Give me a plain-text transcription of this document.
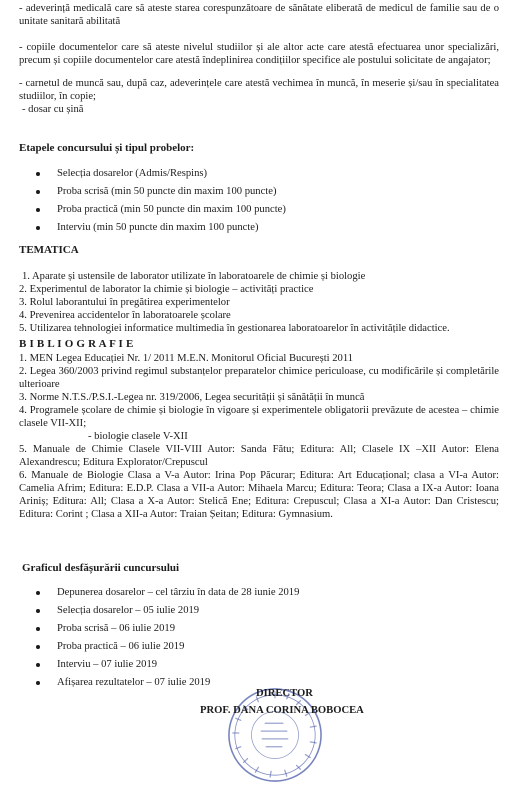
- adeverință medicală care să ateste starea corespunzătoare de sănătate eliberată de medicul de familie sau de o unitate sanitară abilitată
- copiile documentelor care să ateste nivelul studiilor și ale altor acte care atestă efectuarea unor specializări, precum și copiile documentelor care atestă îndeplinirea condițiilor specifice ale postului solicitate de angajator;
- carnetul de muncă sau, după caz, adeverințele care atestă vechimea în muncă, în meserie și/sau în specialitatea studiilor, în copie;
- dosar cu șină
Etapele concursului și tipul probelor:
Selecția dosarelor (Admis/Respins)
Proba scrisă (min 50 puncte din maxim 100 puncte)
Proba practică (min 50 puncte din maxim 100 puncte)
Interviu (min 50 puncte din maxim 100 puncte)
TEMATICA
1. Aparate și ustensile de laborator utilizate în laboratoarele de chimie și biologie
2. Experimentul de laborator la chimie și biologie – activități practice
3. Rolul laborantului în pregătirea experimentelor
4. Prevenirea accidentelor în laboratoarele școlare
5. Utilizarea tehnologiei informatice multimedia în gestionarea laboratoarelor în activitățile didactice.
B I B L I O G R A F I E
1. MEN Legea Educației Nr. 1/ 2011 M.E.N. Monitorul Oficial București 2011
2. Legea 360/2003 privind regimul substanțelor preparatelor chimice periculoase, cu modificările și completările ulterioare
3. Norme N.T.S./P.S.I.-Legea nr. 319/2006, Legea securității și sănătății în muncă
4. Programele școlare de chimie și biologie în vigoare și experimentele obligatorii prevăzute de acestea – chimie clasele VII-XII;
- biologie clasele V-XII
5. Manuale de Chimie Clasele VII-VIII Autor: Sanda Fătu; Editura: All; Clasele IX –XII Autor: Elena Alexandrescu; Editura Explorator/Crepuscul
6. Manuale de Biologie Clasa a V-a Autor: Irina Pop Păcurar; Editura: Art Educațional; clasa a VI-a Autor: Camelia Afrim; Editura: E.D.P. Clasa a VII-a Autor: Mihaela Marcu; Editura: Teora; Clasa a IX-a Autor: Ioana Ariniș; Editura: All; Clasa a X-a Autor: Stelică Ene; Editura: Crepuscul; Clasa a XI-a Autor: Dan Cristescu; Editura: Corint ; Clasa a XII-a Autor: Traian Șeitan; Editura: Gymnasium.
Graficul desfășurării cuncursului
Depunerea dosarelor – cel târziu în data de 28 iunie 2019
Selecția dosarelor – 05 iulie 2019
Proba scrisă – 06 iulie 2019
Proba practică – 06 iulie 2019
Interviu – 07 iulie 2019
Afișarea rezultatelor – 07 iulie 2019
DIRECTOR
PROF. DANA CORINA BOBOCEA
